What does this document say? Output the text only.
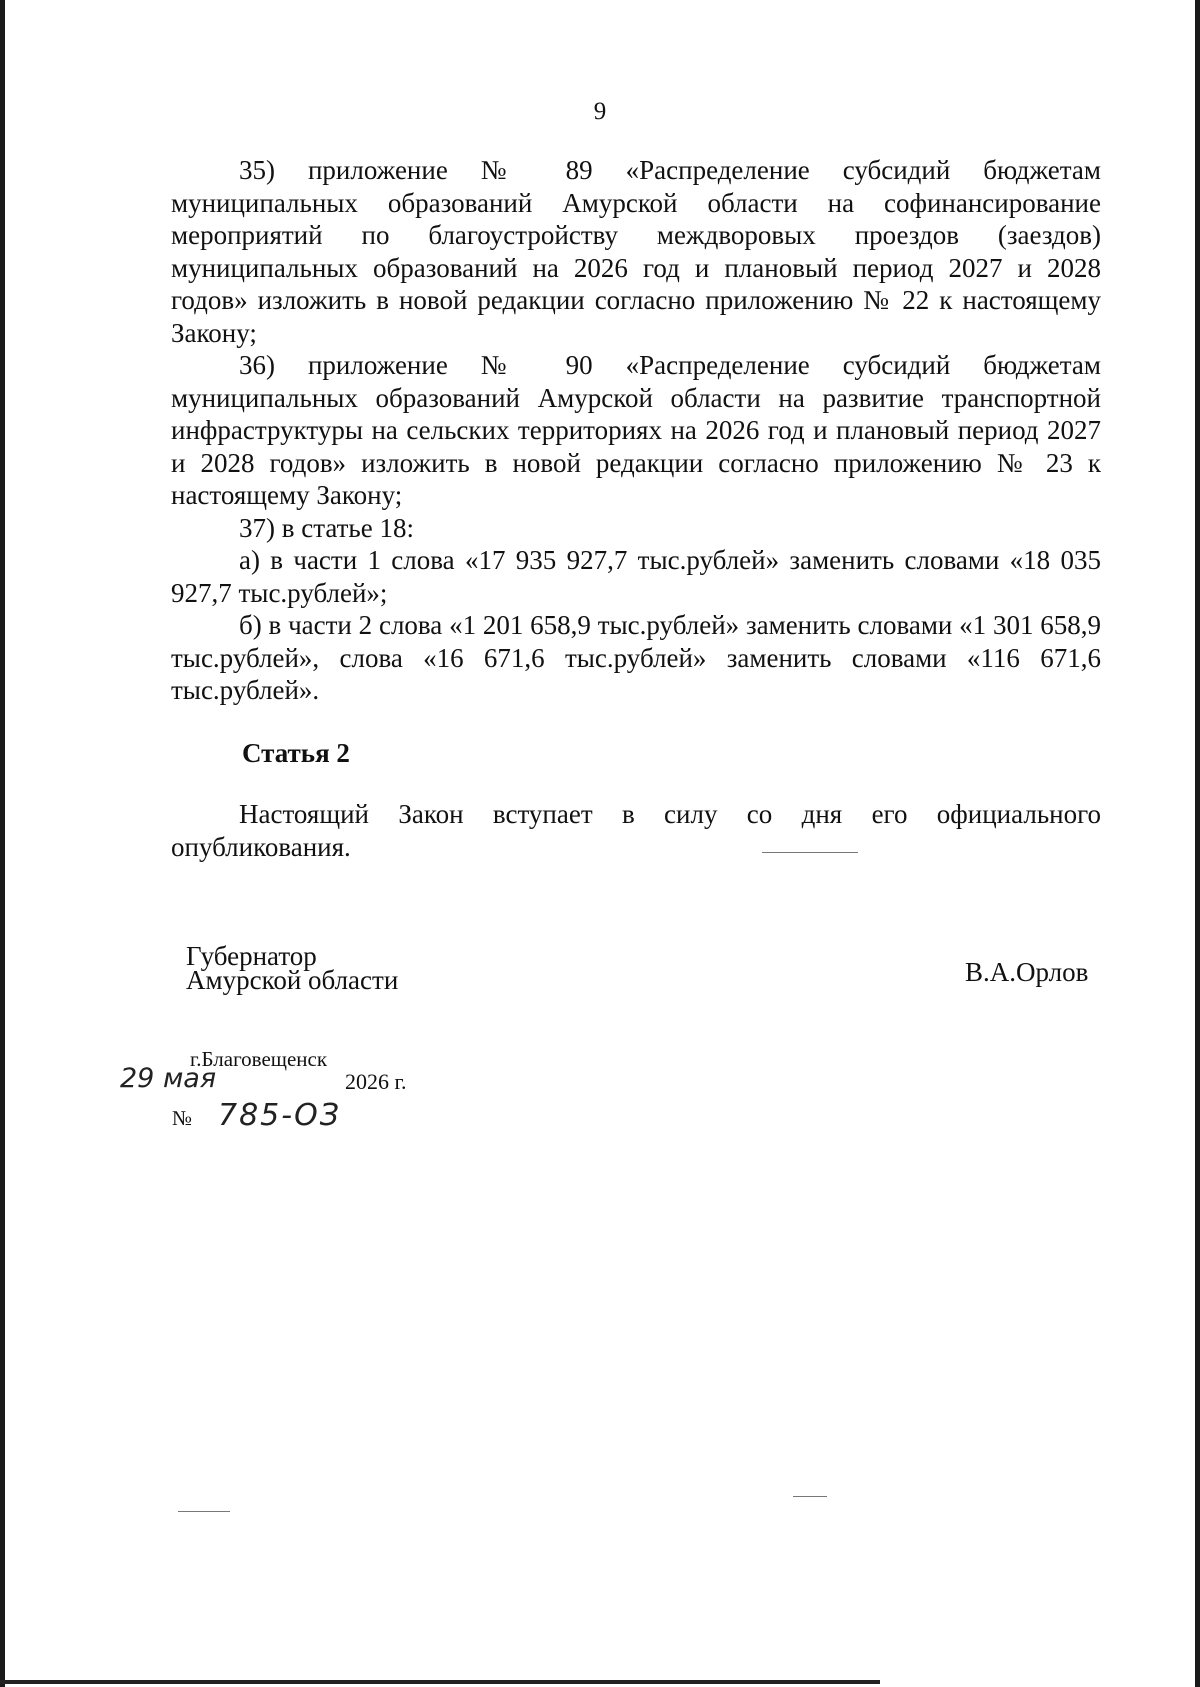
9

35) приложение № 89 «Распределение субсидий бюджетам муниципальных образований Амурской области на софинансирование мероприятий по благоустройству междворовых проездов (заездов) муниципальных образований на 2026 год и плановый период 2027 и 2028 годов» изложить в новой редакции согласно приложению № 22 к настоящему Закону;

36) приложение № 90 «Распределение субсидий бюджетам муниципальных образований Амурской области на развитие транспортной инфраструктуры на сельских территориях на 2026 год и плановый период 2027 и 2028 годов» изложить в новой редакции согласно приложению № 23 к настоящему Закону;

37) в статье 18:

а) в части 1 слова «17 935 927,7 тыс.рублей» заменить словами «18 035 927,7 тыс.рублей»;

б) в части 2 слова «1 201 658,9 тыс.рублей» заменить словами «1 301 658,9 тыс.рублей», слова «16 671,6 тыс.рублей» заменить словами «116 671,6 тыс.рублей».

Статья 2

Настоящий Закон вступает в силу со дня его официального опубликования.

Губернатор
Амурской области	В.А.Орлов
г.Благовещенск
29 мая	2026 г.
№ 785-ОЗ
